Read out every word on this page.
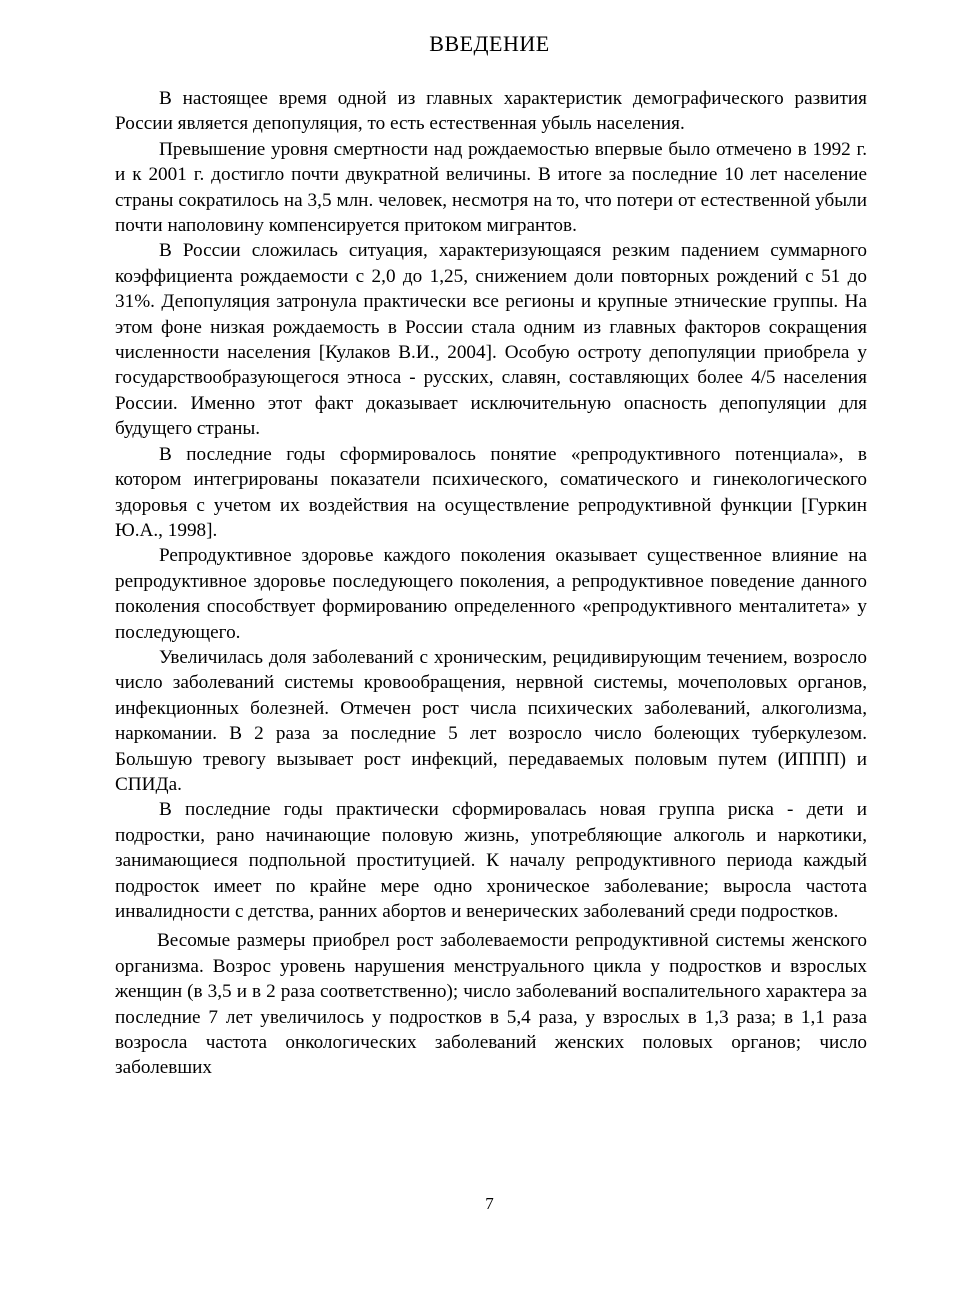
ВВЕДЕНИЕ

В настоящее время одной из главных характеристик демографического развития России является депопуляция, то есть естественная убыль населения.

Превышение уровня смертности над рождаемостью впервые было отмечено в 1992 г. и к 2001 г. достигло почти двукратной величины. В итоге за последние 10 лет население страны сократилось на 3,5 млн. человек, несмотря на то, что потери от естественной убыли почти наполовину компенсируется притоком мигрантов.

В России сложилась ситуация, характеризующаяся резким падением суммарного коэффициента рождаемости с 2,0 до 1,25, снижением доли повторных рождений с 51 до 31%. Депопуляция затронула практически все регионы и крупные этнические группы. На этом фоне низкая рождаемость в России стала одним из главных факторов сокращения численности населения [Кулаков В.И., 2004]. Особую остроту депопуляции приобрела у государствообразующегося этноса - русских, славян, составляющих более 4/5 населения России. Именно этот факт доказывает исключительную опасность депопуляции для будущего страны.

В последние годы сформировалось понятие «репродуктивного потенциала», в котором интегрированы показатели психического, соматического и гинекологического здоровья с учетом их воздействия на осуществление репродуктивной функции [Гуркин Ю.А., 1998].

Репродуктивное здоровье каждого поколения оказывает существенное влияние на репродуктивное здоровье последующего поколения, а репродуктивное поведение данного поколения способствует формированию определенного «репродуктивного менталитета» у последующего.

Увеличилась доля заболеваний с хроническим, рецидивирующим течением, возросло число заболеваний системы кровообращения, нервной системы, мочеполовых органов, инфекционных болезней. Отмечен рост числа психических заболеваний, алкоголизма, наркомании. В 2 раза за последние 5 лет возросло число болеющих туберкулезом. Большую тревогу вызывает рост инфекций, передаваемых половым путем (ИППП) и СПИДа.

В последние годы практически сформировалась новая группа риска - дети и подростки, рано начинающие половую жизнь, употребляющие алкоголь и наркотики, занимающиеся подпольной проституцией. К началу репродуктивного периода каждый подросток имеет по крайне мере одно хроническое заболевание; выросла частота инвалидности с детства, ранних абортов и венерических заболеваний среди подростков.

Весомые размеры приобрел рост заболеваемости репродуктивной системы женского организма. Возрос уровень нарушения менструального цикла у подростков и взрослых женщин (в 3,5 и в 2 раза соответственно); число заболеваний воспалительного характера за последние 7 лет увеличилось у подростков в 5,4 раза, у взрослых в 1,3 раза; в 1,1 раза возросла частота онкологических заболеваний женских половых органов; число заболевших

7
